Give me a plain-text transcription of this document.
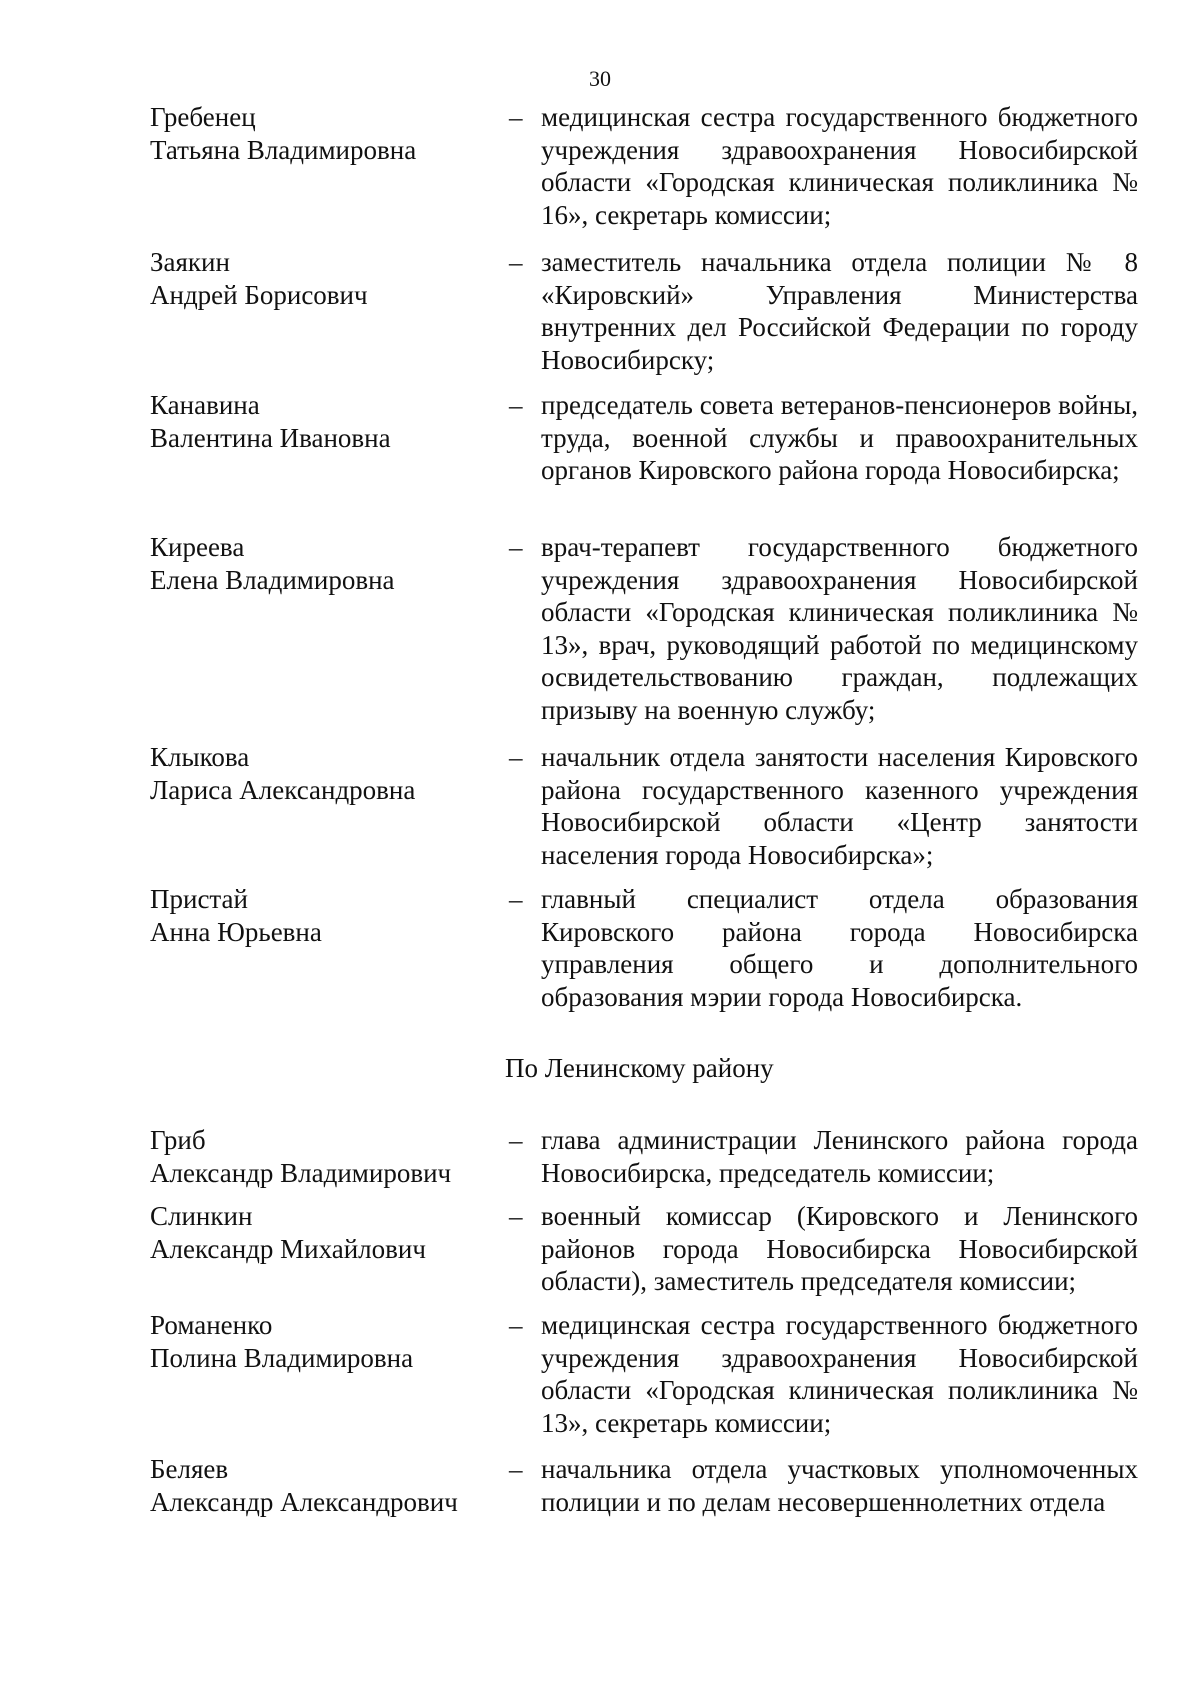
30
Гребенец
Татьяна Владимировна
– медицинская сестра государственного бюджетного учреждения здравоохранения Новосибирской области «Городская клиническая поликлиника № 16», секретарь комиссии;
Заякин
Андрей Борисович
– заместитель начальника отдела полиции № 8 «Кировский» Управления Министерства внутренних дел Российской Федерации по городу Новосибирску;
Канавина
Валентина Ивановна
– председатель совета ветеранов-пенсионеров войны, труда, военной службы и правоохранительных органов Кировского района города Новосибирска;
Киреева
Елена Владимировна
– врач-терапевт государственного бюджетного учреждения здравоохранения Новосибирской области «Городская клиническая поликлиника № 13», врач, руководящий работой по медицинскому освидетельствованию граждан, подлежащих призыву на военную службу;
Клыкова
Лариса Александровна
– начальник отдела занятости населения Кировского района государственного казенного учреждения Новосибирской области «Центр занятости населения города Новосибирска»;
Пристай
Анна Юрьевна
– главный специалист отдела образования Кировского района города Новосибирска управления общего и дополнительного образования мэрии города Новосибирска.
По Ленинскому району
Гриб
Александр Владимирович
– глава администрации Ленинского района города Новосибирска, председатель комиссии;
Слинкин
Александр Михайлович
– военный комиссар (Кировского и Ленинского районов города Новосибирска Новосибирской области), заместитель председателя комиссии;
Романенко
Полина Владимировна
– медицинская сестра государственного бюджетного учреждения здравоохранения Новосибирской области «Городская клиническая поликлиника № 13», секретарь комиссии;
Беляев
Александр Александрович
– начальника отдела участковых уполномоченных полиции и по делам несовершеннолетних отдела
